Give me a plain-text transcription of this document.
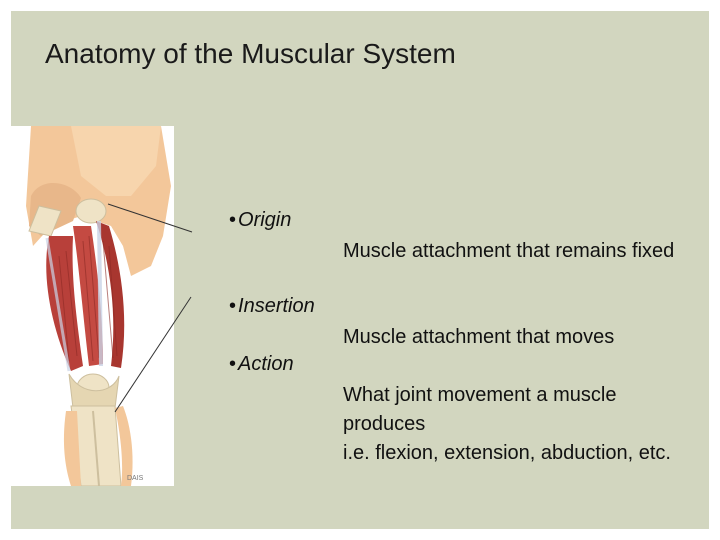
Anatomy of the Muscular System
DAIS
• Origin
Muscle attachment that remains fixed
• Insertion
Muscle attachment that moves
• Action
What joint movement a muscle produces
i.e. flexion, extension, abduction, etc.
